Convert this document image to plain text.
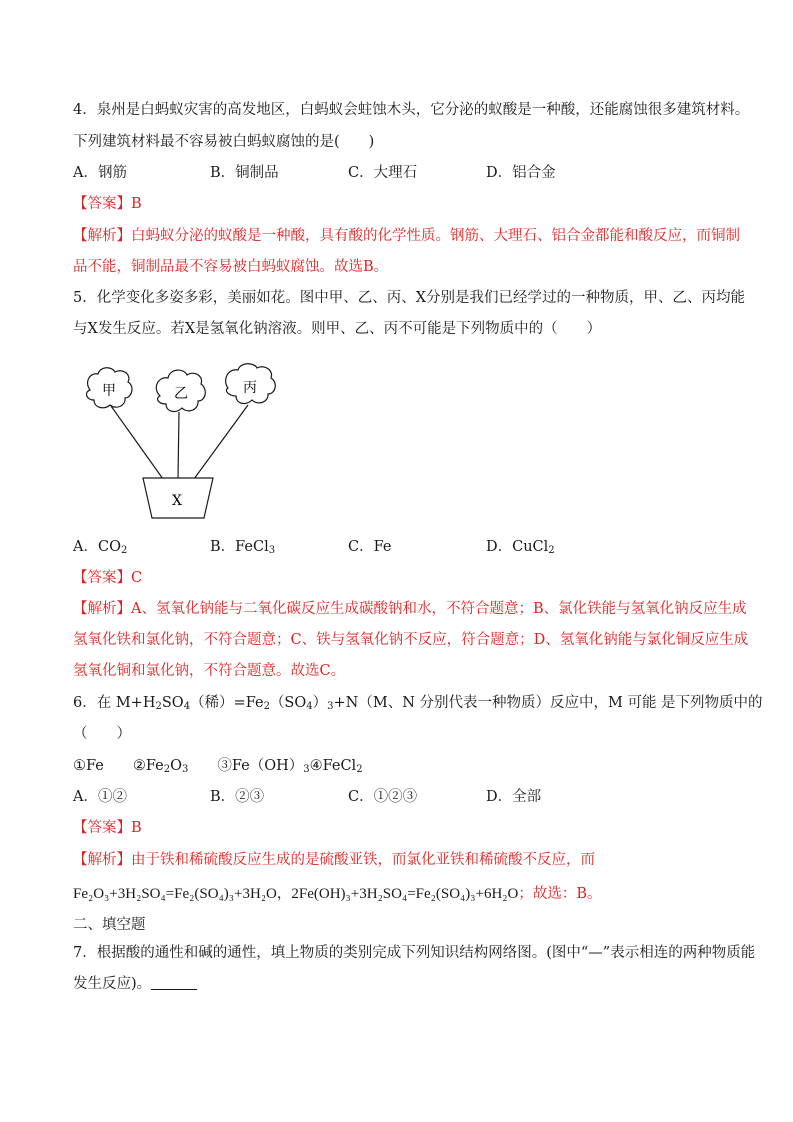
4．泉州是白蚂蚁灾害的高发地区，白蚂蚁会蛀蚀木头，它分泌的蚁酸是一种酸，还能腐蚀很多建筑材料。
下列建筑材料最不容易被白蚂蚁腐蚀的是(　　)
A．钢筋	B．铜制品	C．大理石	D．铝合金
【答案】B
【解析】白蚂蚁分泌的蚁酸是一种酸，具有酸的化学性质。钢筋、大理石、铝合金都能和酸反应，而铜制
品不能，铜制品最不容易被白蚂蚁腐蚀。故选B。
5．化学变化多姿多彩，美丽如花。图中甲、乙、丙、X分别是我们已经学过的一种物质，甲、乙、丙均能
与X发生反应。若X是氢氧化钠溶液。则甲、乙、丙不可能是下列物质中的（　　）
甲	乙	丙
X
A．$CO_2$	B．FeCl$_3$	C．Fe	D．CuCl$_2$
【答案】C
【解析】A、氢氧化钠能与二氧化碳反应生成碳酸钠和水，不符合题意；B、氯化铁能与氢氧化钠反应生成
氢氧化铁和氯化钠，不符合题意；C、铁与氢氧化钠不反应，符合题意；D、氢氧化钠能与氯化铜反应生成
氢氧化铜和氯化钠，不符合题意。故选C。
6．在 $M+H_2SO_4$（稀）$=Fe_2(SO_4)_3+N(M$、N 分别代表一种物质）反应中，M 可能 是下列物质中的
（　　）
①Fe　　$②Fe_2O_3$　　$③Fe(OH)_3④FeCl_2$
A．①②	B．②③	C．①②③	D．全部
【答案】B
【解析】由于铁和稀硫酸反应生成的是硫酸亚铁，而氯化亚铁和稀硫酸不反应，而
Fe₂O₃+3H₂SO₄=Fe₂(SO₄)₃+3H₂O，2Fe(OH)₃+3H₂SO₄=Fe₂(SO₄)₃+6H₂O；故选：B。
二、填空题
7．根据酸的通性和碱的通性，填上物质的类别完成下列知识结构网络图。(图中“—”表示相连的两种物质能
发生反应)。
